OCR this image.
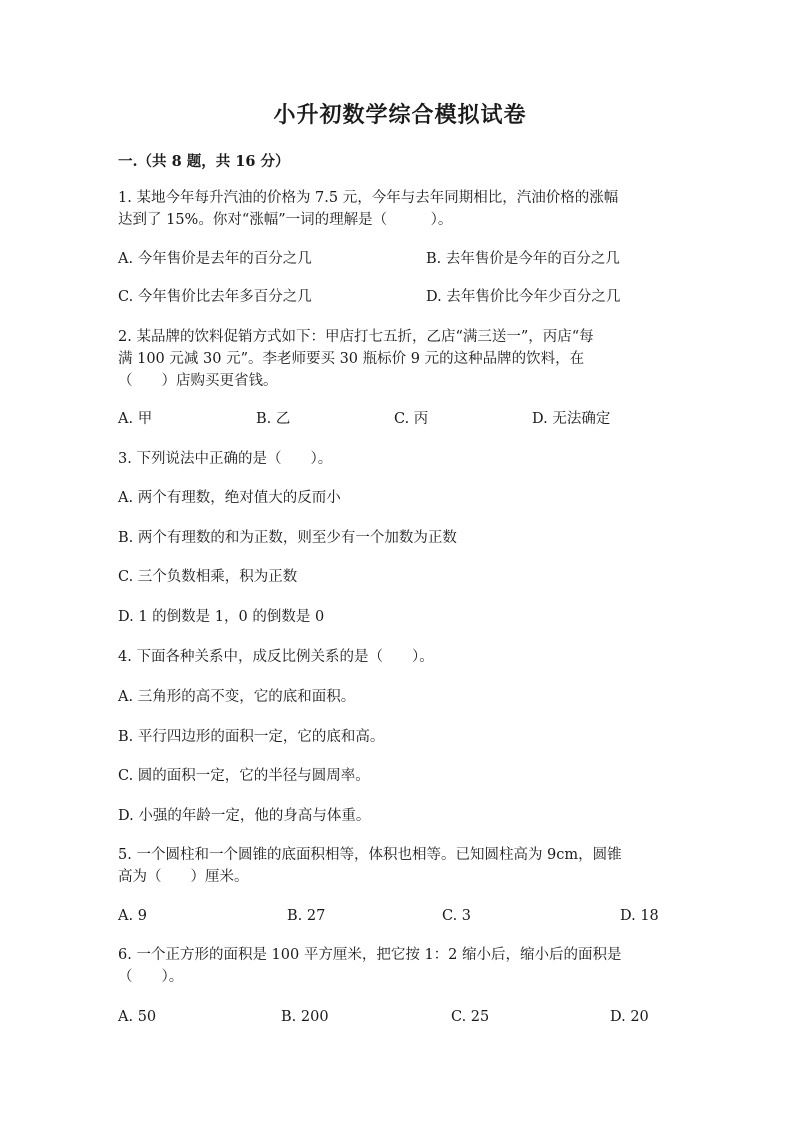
小升初数学综合模拟试卷
一.（共 8 题，共 16 分）
1. 某地今年每升汽油的价格为 7.5 元，今年与去年同期相比，汽油价格的涨幅
达到了 15%。你对“涨幅”一词的理解是（　　　）。
A. 今年售价是去年的百分之几	B. 去年售价是今年的百分之几
C. 今年售价比去年多百分之几	D. 去年售价比今年少百分之几
2. 某品牌的饮料促销方式如下：甲店打七五折，乙店“满三送一”，丙店“每
满 100 元减 30 元”。李老师要买 30 瓶标价 9 元的这种品牌的饮料，在
（　　）店购买更省钱。
A. 甲	B. 乙	C. 丙	D. 无法确定
3. 下列说法中正确的是（　　）。
A. 两个有理数，绝对值大的反而小
B. 两个有理数的和为正数，则至少有一个加数为正数
C. 三个负数相乘，积为正数
D. 1 的倒数是 1，0 的倒数是 0
4. 下面各种关系中，成反比例关系的是（　　）。
A. 三角形的高不变，它的底和面积。
B. 平行四边形的面积一定，它的底和高。
C. 圆的面积一定，它的半径与圆周率。
D. 小强的年龄一定，他的身高与体重。
5. 一个圆柱和一个圆锥的底面积相等，体积也相等。已知圆柱高为 9cm，圆锥
高为（　　）厘米。
A. 9	B. 27	C. 3	D. 18
6. 一个正方形的面积是 100 平方厘米，把它按 1：2 缩小后，缩小后的面积是
（　　）。
A. 50	B. 200	C. 25	D. 20
